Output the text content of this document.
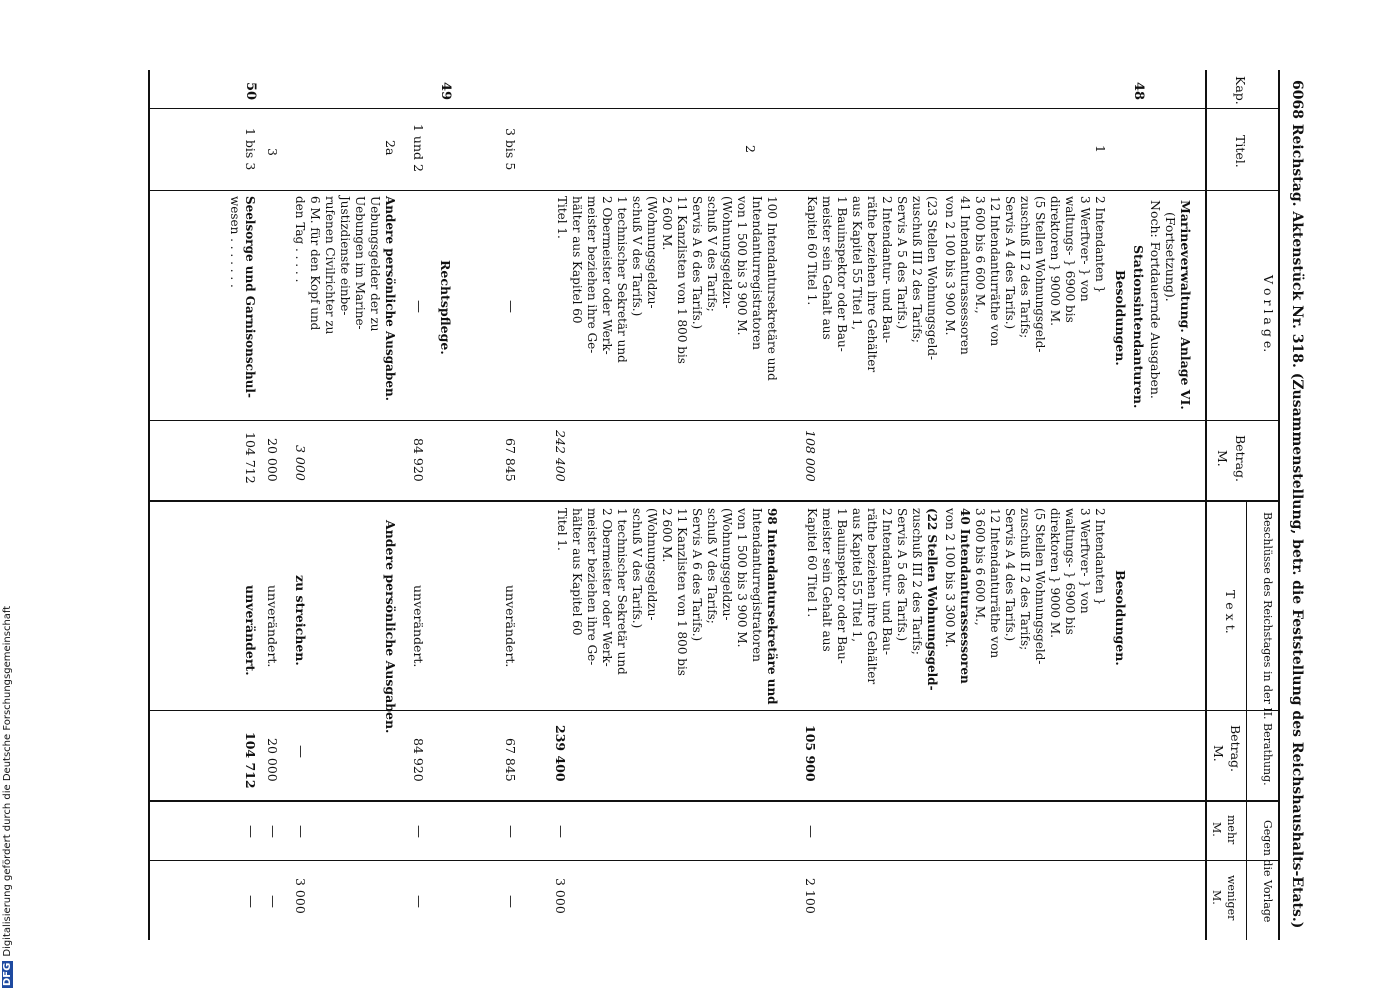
6068 Reichstag. Aktenstück Nr. 318. (Zusammenstellung, betr. die Feststellung des Reichshaushalts-Etats.)
Kap.
Titel.
V o r l a g e.
Betrag.
M.
Beschlüsse des Reichstages in der II. Berathung.
T e x t.
Betrag.
M.
Gegen die Vorlage
mehr
M.
weniger
M.
Marineverwaltung. Anlage VI.
(Fortsetzung).
Noch: Fortdauernde Ausgaben.
48
Stationsintendanturen.
Besoldungen.
Besoldungen.
1
2 Intendanten }
3 Werftver- } von
waltungs- } 6900 bis
direktoren } 9000 M.
(5 Stellen Wohnungsgeld-
zuschuß II 2 des Tarifs;
Servis A 4 des Tarifs.)
12 Intendanturräthe von
3 600 bis 6 600 M.,
41 Intendanturassessoren
von 2 100 bis 3 900 M.
2 Intendanten }
3 Werftver- } von
waltungs- } 6900 bis
direktoren } 9000 M.
(5 Stellen Wohnungsgeld-
zuschuß II 2 des Tarifs;
Servis A 4 des Tarifs.)
12 Intendanturräthe von
3 600 bis 6 600 M.,
40 Intendanturassessoren
von 2 100 bis 3 300 M.
(23 Stellen Wohnungsgeld-
zuschuß III 2 des Tarifs;
Servis A 5 des Tarifs.)
2 Intendantur- und Bau-
räthe beziehen ihre Gehälter
aus Kapitel 55 Titel 1,
1 Bauinspektor oder Bau-
meister sein Gehalt aus
Kapitel 60 Titel 1.
108 000
(22 Stellen Wohnungsgeld-
zuschuß III 2 des Tarifs;
Servis A 5 des Tarifs.)
2 Intendantur- und Bau-
räthe beziehen ihre Gehälter
aus Kapitel 55 Titel 1,
1 Bauinspektor oder Bau-
meister sein Gehalt aus
Kapitel 60 Titel 1.
105 900
—
2 100
2
100 Intendantursekretäre und
Intendanturregistratoren
von 1 500 bis 3 900 M.
(Wohnungsgeldzu-
schuß V des Tarifs;
Servis A 6 des Tarifs.)
11 Kanzlisten von 1 800 bis
2 600 M.
(Wohnungsgeldzu-
schuß V des Tarifs.)
1 technischer Sekretär und
2 Obermeister oder Werk-
meister beziehen ihre Ge-
hälter aus Kapitel 60
Titel 1.
242 400
98 Intendantursekretäre und
Intendanturregistratoren
von 1 500 bis 3 900 M.
(Wohnungsgeldzu-
schuß V des Tarifs;
Servis A 6 des Tarifs.)
11 Kanzlisten von 1 800 bis
2 600 M.
(Wohnungsgeldzu-
schuß V des Tarifs.)
1 technischer Sekretär und
2 Obermeister oder Werk-
meister beziehen ihre Ge-
hälter aus Kapitel 60
Titel 1.
239 400
—
3 000
3 bis 5
—
67 845
unverändert.
67 845
—
—
49
Rechtspflege.
1 und 2
—
84 920
unverändert.
84 920
—
—
2a
Andere persönliche Ausgaben.
Uebungsgelder der zu
Uebungen im Marine-
Justizdienste einbe-
rufenen Civilrichter zu
6 M. für den Kopf und
den Tag . . . . .
3 000
Andere persönliche Ausgaben.
zu streichen.
—
—
3 000
3
20 000
unverändert.
20 000
—
—
50
1 bis 3
Seelsorge und Garnisonschul-
wesen . . . . . . .
104 712
unverändert.
104 712
—
—
DFGDigitalisierung gefördert durch die Deutsche Forschungsgemeinschaft
